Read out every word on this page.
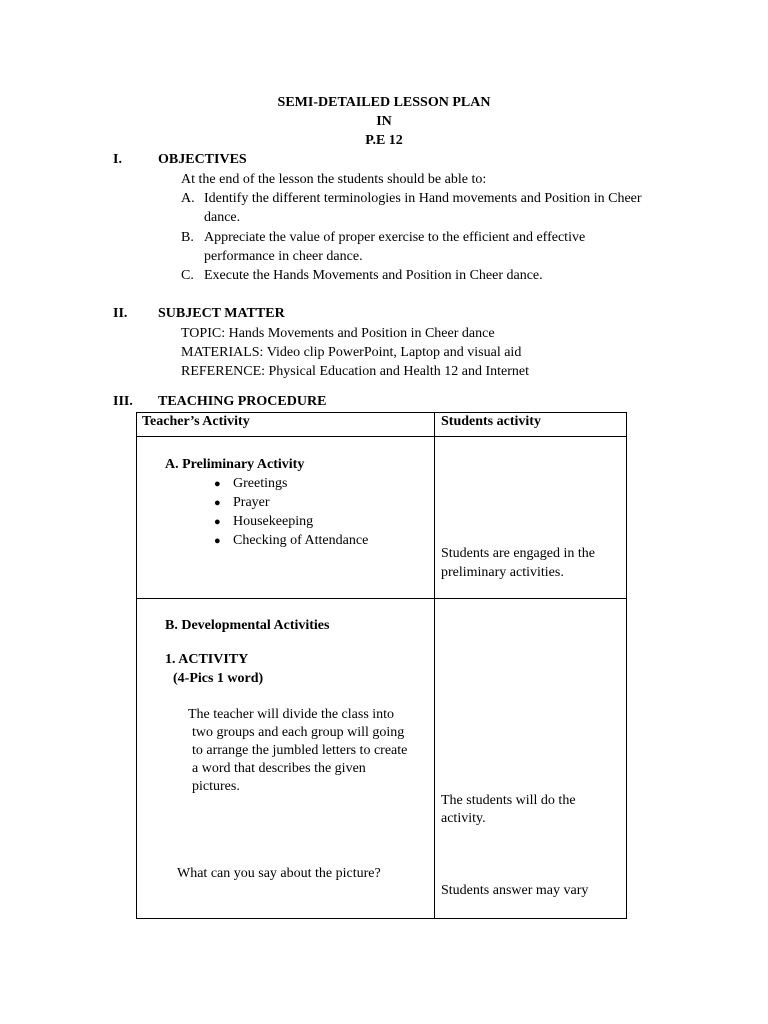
SEMI-DETAILED LESSON PLAN
IN
P.E 12
I.	OBJECTIVES
At the end of the lesson the students should be able to:
A. Identify the different terminologies in Hand movements and Position in Cheer
dance.
B. Appreciate the value of proper exercise to the efficient and effective
performance in cheer dance.
C. Execute the Hands Movements and Position in Cheer dance.
II. SUBJECT MATTER
TOPIC: Hands Movements and Position in Cheer dance
MATERIALS: Video clip PowerPoint, Laptop and visual aid
REFERENCE: Physical Education and Health 12 and Internet
III. TEACHING PROCEDURE
Teacher’s Activity	Students activity
A. Preliminary Activity
● Greetings
● Prayer
● Housekeeping
● Checking of Attendance
Students are engaged in the
preliminary activities.
B. Developmental Activities
1. ACTIVITY
(4-Pics 1 word)
The teacher will divide the class into
two groups and each group will going
to arrange the jumbled letters to create
a word that describes the given
pictures.
The students will do the
activity.
What can you say about the picture?
Students answer may vary
